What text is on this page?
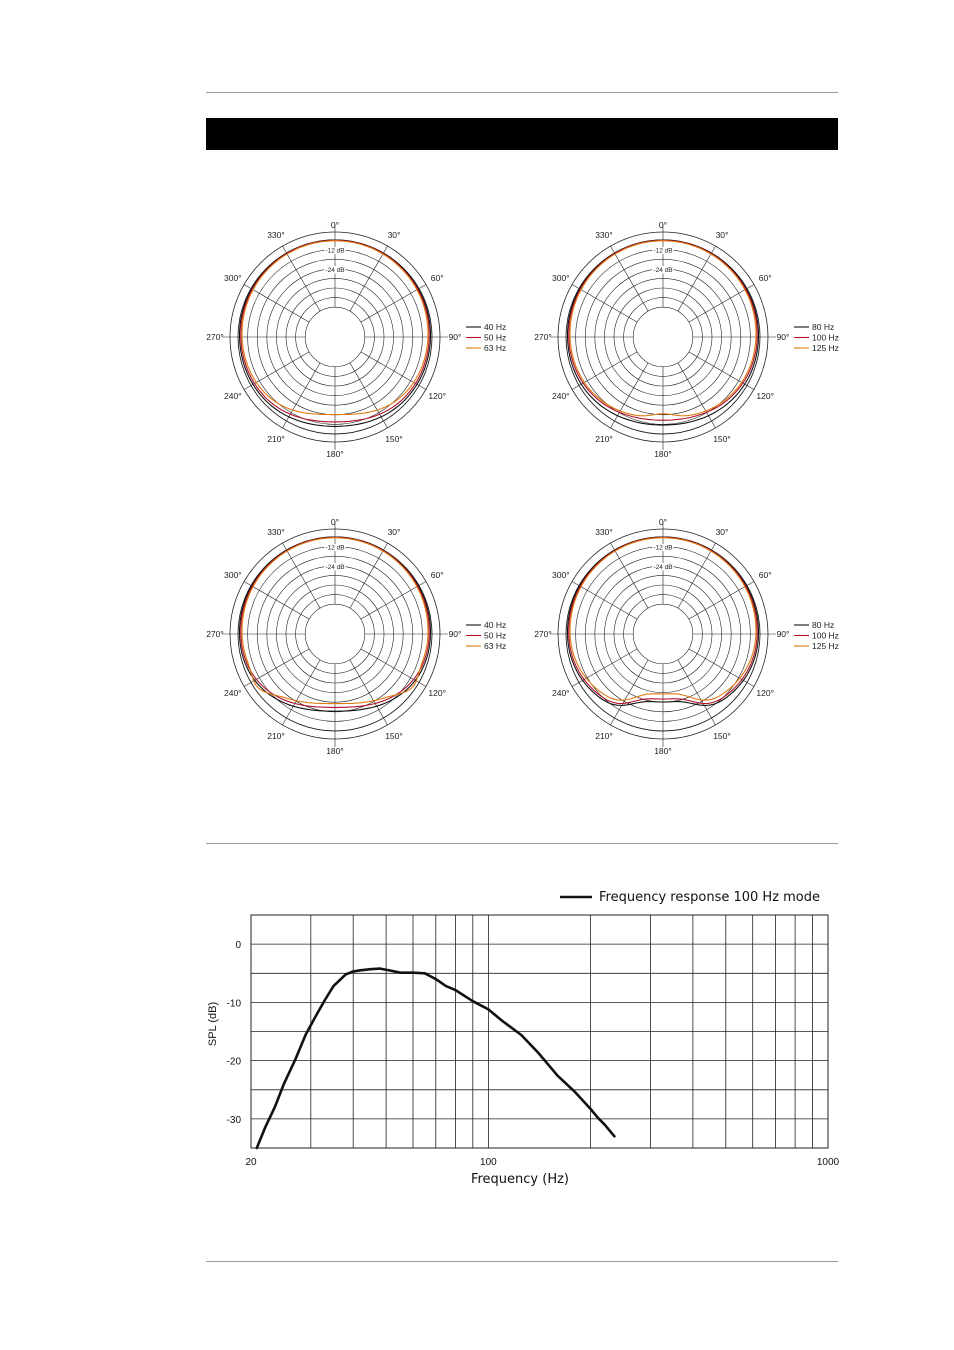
0°
30°
60°
90°
120°
150°
180°
210°
240°
270°
300°
330°
-12 dB
-24 dB
40 Hz
50 Hz
63 Hz
0°
30°
60°
90°
120°
150°
180°
210°
240°
270°
300°
330°
-12 dB
-24 dB
80 Hz
100 Hz
125 Hz
0°
30°
60°
90°
120°
150°
180°
210°
240°
270°
300°
330°
-12 dB
-24 dB
40 Hz
50 Hz
63 Hz
0°
30°
60°
90°
120°
150°
180°
210°
240°
270°
300°
330°
-12 dB
-24 dB
80 Hz
100 Hz
125 Hz
0
-10
-20
-30
20	100	1000
Frequency (Hz)
SPL (dB)
Frequency response 100 Hz mode
